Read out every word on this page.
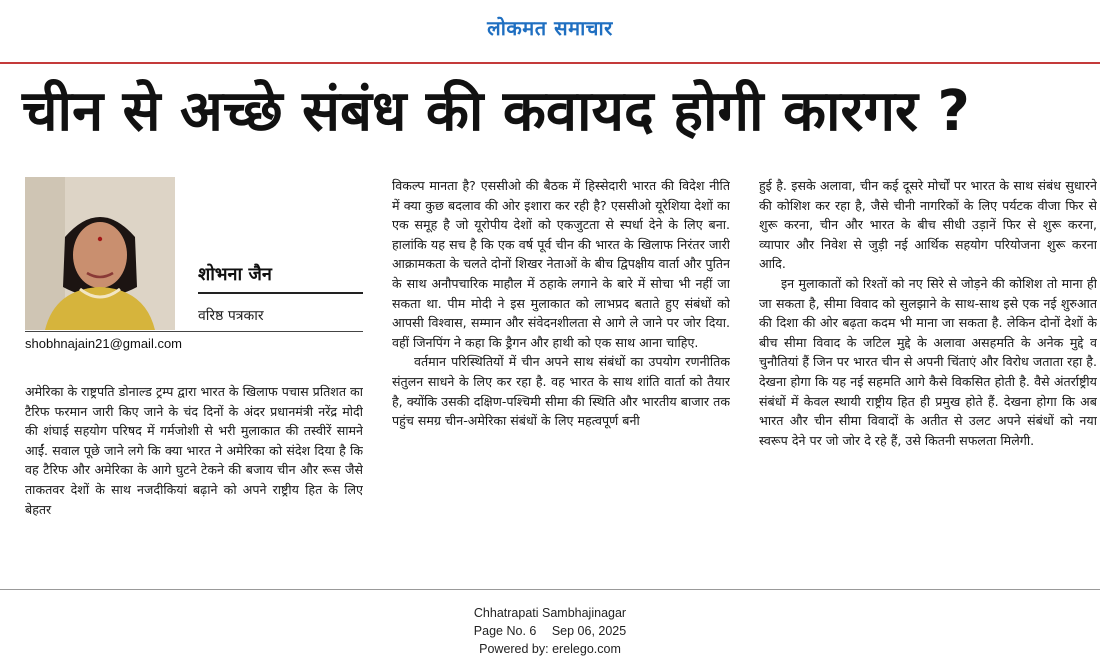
लोकमत समाचार
चीन से अच्छे संबंध की कवायद होगी कारगर ?
शोभना जैन
वरिष्ठ पत्रकार
shobhnajain21@gmail.com

अमेरिका के राष्ट्रपति डोनाल्ड ट्रम्प द्वारा भारत के खिलाफ पचास प्रतिशत का टैरिफ फरमान जारी किए जाने के चंद दिनों के अंदर प्रधानमंत्री नरेंद्र मोदी की शंघाई सहयोग परिषद में गर्मजोशी से भरी मुलाकात की तस्वीरें सामने आईं. सवाल पूछे जाने लगे कि क्या भारत ने अमेरिका को संदेश दिया है कि वह टैरिफ और अमेरिका के आगे घुटने टेकने की बजाय चीन और रूस जैसे ताकतवर देशों के साथ नजदीकियां बढ़ाने को अपने राष्ट्रीय हित के लिए बेहतर

विकल्प मानता है? एससीओ की बैठक में हिस्सेदारी भारत की विदेश नीति में क्या कुछ बदलाव की ओर इशारा कर रही है? एससीओ यूरेशिया देशों का एक समूह है जो यूरोपीय देशों को एकजुटता से स्पर्धा देने के लिए बना. हालांकि यह सच है कि एक वर्ष पूर्व चीन की भारत के खिलाफ निरंतर जारी आक्रामकता के चलते दोनों शिखर नेताओं के बीच द्विपक्षीय वार्ता और पुतिन के साथ अनौपचारिक माहौल में ठहाके लगाने के बारे में सोचा भी नहीं जा सकता था. पीम मोदी ने इस मुलाकात को लाभप्रद बताते हुए संबंधों को आपसी विश्वास, सम्मान और संवेदनशीलता से आगे ले जाने पर जोर दिया. वहीं जिनपिंग ने कहा कि ड्रैगन और हाथी को एक साथ आना चाहिए.

वर्तमान परिस्थितियों में चीन अपने साथ संबंधों का उपयोग रणनीतिक संतुलन साधने के लिए कर रहा है. वह भारत के साथ शांति वार्ता को तैयार है, क्योंकि उसकी दक्षिण-पश्चिमी सीमा की स्थिति और भारतीय बाजार तक पहुंच समग्र चीन-अमेरिका संबंधों के लिए महत्वपूर्ण बनी

हुई है. इसके अलावा, चीन कई दूसरे मोर्चों पर भारत के साथ संबंध सुधारने की कोशिश कर रहा है, जैसे चीनी नागरिकों के लिए पर्यटक वीजा फिर से शुरू करना, चीन और भारत के बीच सीधी उड़ानें फिर से शुरू करना, व्यापार और निवेश से जुड़ी नई आर्थिक सहयोग परियोजना शुरू करना आदि.

इन मुलाकातों को रिश्तों को नए सिरे से जोड़ने की कोशिश तो माना ही जा सकता है, सीमा विवाद को सुलझाने के साथ-साथ इसे एक नई शुरुआत की दिशा की ओर बढ़ता कदम भी माना जा सकता है. लेकिन दोनों देशों के बीच सीमा विवाद के जटिल मुद्दे के अलावा असहमति के अनेक मुद्दे व चुनौतियां हैं जिन पर भारत चीन से अपनी चिंताएं और विरोध जताता रहा है. देखना होगा कि यह नई सहमति आगे कैसे विकसित होती है. वैसे अंतर्राष्ट्रीय संबंधों में केवल स्थायी राष्ट्रीय हित ही प्रमुख होते हैं. देखना होगा कि अब भारत और चीन सीमा विवादों के अतीत से उलट अपने संबंधों को नया स्वरूप देने पर जो जोर दे रहे हैं, उसे कितनी सफलता मिलेगी.

Chhatrapati Sambhajinagar
Page No. 6 Sep 06, 2025
Powered by: erelego.com
